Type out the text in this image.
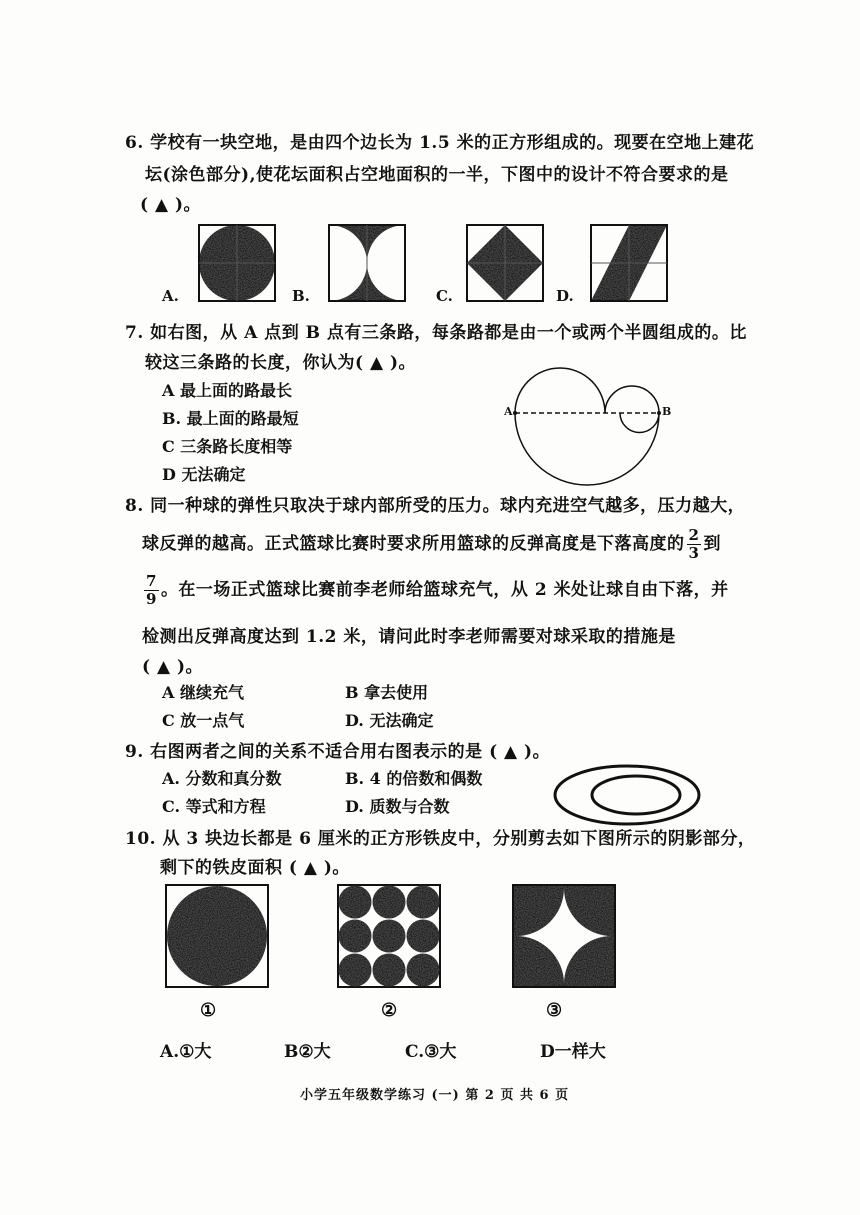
6. 学校有一块空地，是由四个边长为 1.5 米的正方形组成的。现要在空地上建花
坛(涂色部分),使花坛面积占空地面积的一半，下图中的设计不符合要求的是
( ▲ )。
A.	B.	C.	D.
7. 如右图，从 A 点到 B 点有三条路，每条路都是由一个或两个半圆组成的。比
较这三条路的长度，你认为( ▲ )。
A 最上面的路最长
B. 最上面的路最短
C 三条路长度相等
D 无法确定
A	B
8. 同一种球的弹性只取决于球内部所受的压力。球内充进空气越多，压力越大，
球反弹的越高。正式篮球比赛时要求所用篮球的反弹高度是下落高度的 $\frac{2}{3}$ 到
$\frac{7}{9}$ 。在一场正式篮球比赛前李老师给篮球充气，从 2 米处让球自由下落，并
检测出反弹高度达到 1.2 米，请问此时李老师需要对球采取的措施是
( ▲ )。
A 继续充气	B 拿去使用
C 放一点气	D. 无法确定
9. 右图两者之间的关系不适合用右图表示的是 ( ▲ )。
A. 分数和真分数	B. 4 的倍数和偶数
C. 等式和方程	D. 质数与合数
10. 从 3 块边长都是 6 厘米的正方形铁皮中，分别剪去如下图所示的阴影部分，
剩下的铁皮面积 ( ▲ )。
①	②	③
A.①大	B②大	C.③大	D一样大
小学五年级数学练习 (一) 第 2 页 共 6 页
